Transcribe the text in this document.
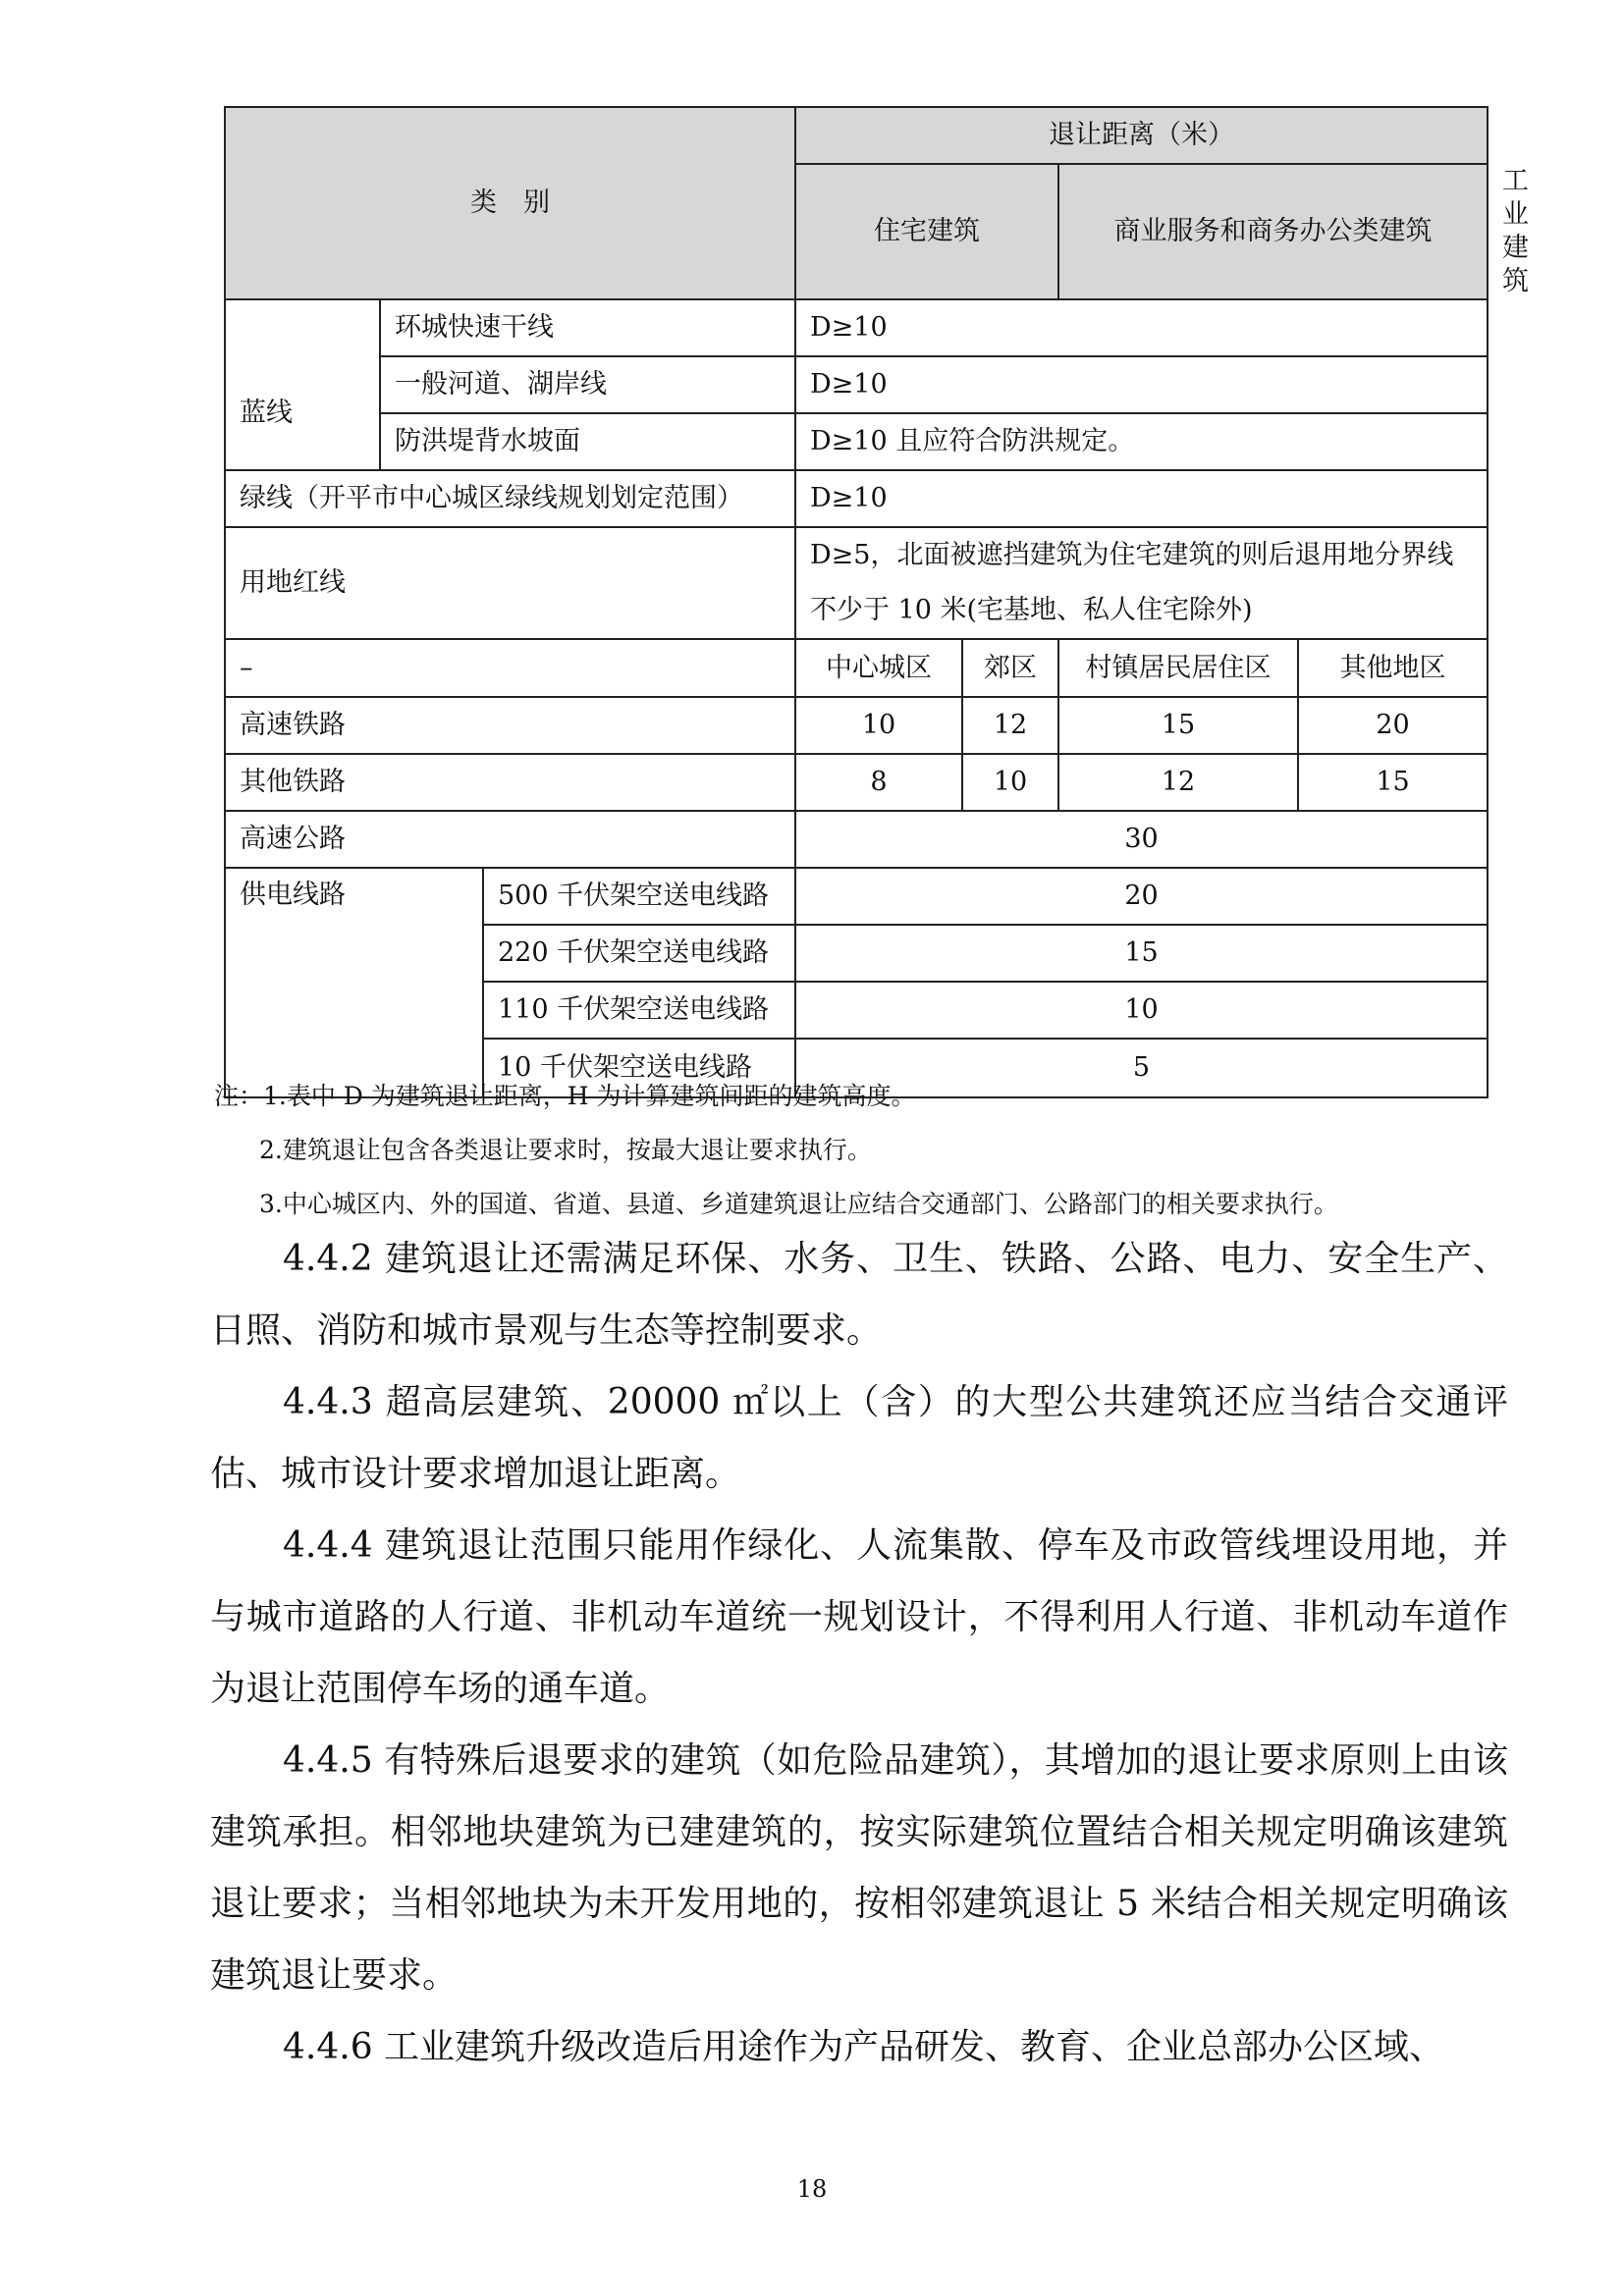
类　别			退让距离（米）				
			住宅建筑		商业服务和商务办公类建筑		工业建筑
	环城快速干线		D≥10				
蓝线	一般河道、湖岸线		D≥10				
	防洪堤背水坡面		D≥10 且应符合防洪规定。				
绿线（开平市中心城区绿线规划划定范围）			D≥10				
用地红线			D≥5，北面被遮挡建筑为住宅建筑的则后退用地分界线不少于 10 米(宅基地、私人住宅除外)				
–			中心城区	郊区	村镇居民居住区	其他地区	
高速铁路			10	12	15	20	
其他铁路			8	10	12	15	
高速公路			30				
供电线路		500 千伏架空送电线路	20				
		220 千伏架空送电线路	15				
		110 千伏架空送电线路	10				
		10 千伏架空送电线路	5				
注：1.表中 D 为建筑退让距离，H 为计算建筑间距的建筑高度。
2.建筑退让包含各类退让要求时，按最大退让要求执行。
3.中心城区内、外的国道、省道、县道、乡道建筑退让应结合交通部门、公路部门的相关要求执行。

4.4.2 建筑退让还需满足环保、水务、卫生、铁路、公路、电力、安全生产、日照、消防和城市景观与生态等控制要求。

4.4.3 超高层建筑、20000 ㎡以上（含）的大型公共建筑还应当结合交通评估、城市设计要求增加退让距离。

4.4.4 建筑退让范围只能用作绿化、人流集散、停车及市政管线埋设用地，并与城市道路的人行道、非机动车道统一规划设计，不得利用人行道、非机动车道作为退让范围停车场的通车道。

4.4.5 有特殊后退要求的建筑（如危险品建筑），其增加的退让要求原则上由该建筑承担。相邻地块建筑为已建建筑的，按实际建筑位置结合相关规定明确该建筑退让要求；当相邻地块为未开发用地的，按相邻建筑退让 5 米结合相关规定明确该建筑退让要求。

4.4.6 工业建筑升级改造后用途作为产品研发、教育、企业总部办公区域、

18
